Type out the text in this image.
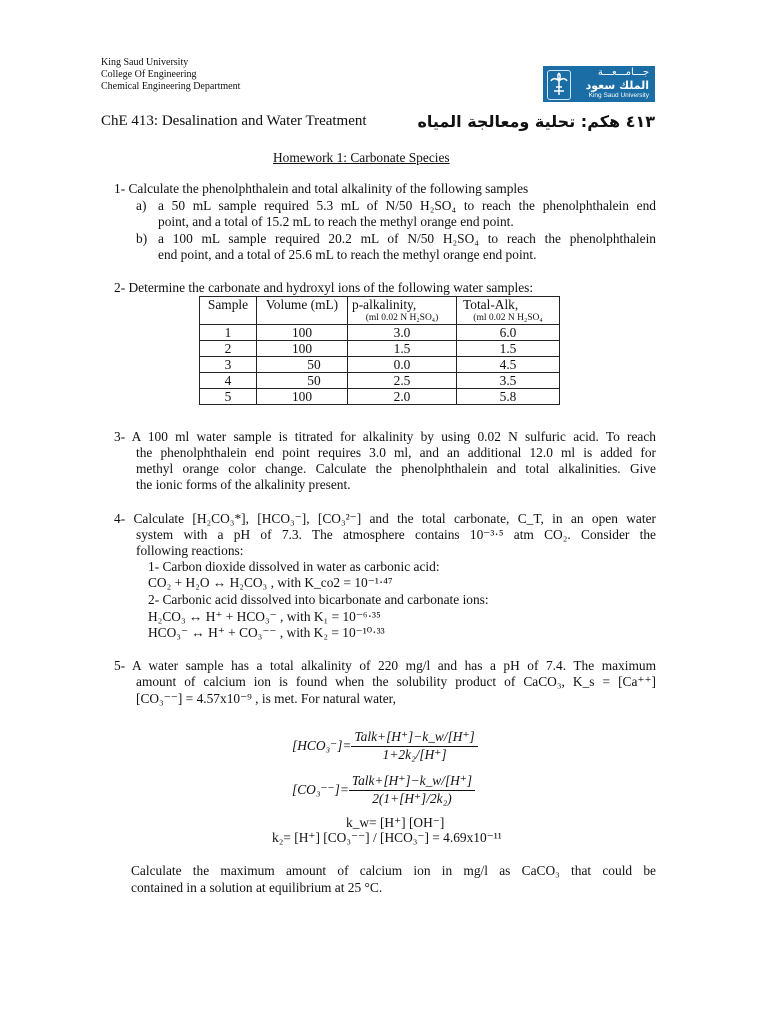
King Saud University
College Of Engineering
Chemical Engineering Department
جـــامـــعـــة
الملك سعود
King Saud University
ChE 413: Desalination and Water Treatment	٤١٣ هكم: تحلية ومعالجة المياه
Homework 1: Carbonate Species
1- Calculate the phenolphthalein and total alkalinity of the following samples
a) a 50 mL sample required 5.3 mL of N/50 H₂SO₄ to reach the phenolphthalein end
point, and a total of 15.2 mL to reach the methyl orange end point.
b) a 100 mL sample required 20.2 mL of N/50 H₂SO₄ to reach the phenolphthalein
end point, and a total of 25.6 mL to reach the methyl orange end point.
2- Determine the carbonate and hydroxyl ions of the following water samples:
Sample	Volume (mL)	p-alkalinity,	Total-Alk,
		(ml 0.02 N H₂SO₄)	(ml 0.02 N H₂SO₄
1	100	3.0	6.0
2	100	1.5	1.5
3	50	0.0	4.5
4	50	2.5	3.5
5	100	2.0	5.8
3- A 100 ml water sample is titrated for alkalinity by using 0.02 N sulfuric acid. To reach
the phenolphthalein end point requires 3.0 ml, and an additional 12.0 ml is added for
methyl orange color change. Calculate the phenolphthalein and total alkalinities. Give
the ionic forms of the alkalinity present.
4- Calculate [H₂CO₃*], [HCO₃⁻], [CO₃²⁻] and the total carbonate, C_T, in an open water
system with a pH of 7.3. The atmosphere contains 10⁻³·⁵ atm CO₂. Consider the
following reactions:
1- Carbon dioxide dissolved in water as carbonic acid:
CO₂ + H₂O ↔ H₂CO₃ , with K_co2 = 10⁻¹·⁴⁷
2- Carbonic acid dissolved into bicarbonate and carbonate ions:
H₂CO₃ ↔ H⁺ + HCO₃⁻ , with K₁ = 10⁻⁶·³⁵
HCO₃⁻ ↔ H⁺ + CO₃⁻⁻ , with K₂ = 10⁻¹⁰·³³
5- A water sample has a total alkalinity of 220 mg/l and has a pH of 7.4. The maximum
amount of calcium ion is found when the solubility product of CaCO₃, K_s = [Ca⁺⁺]
[CO₃⁻⁻] = 4.57x10⁻⁹ , is met. For natural water,
$[HCO_3^-]= \frac{\text{Talk+[H⁺]−k\_w/[H⁺]}}{\text{1+2k₂/[H⁺]}}$
$[CO_3^{--}]= \frac{\text{Talk+[H⁺]−k\_w/[H⁺]}}{\text{2(1+[H⁺]/2k₂)}}$
k_w= [H⁺] [OH⁻]
k₂= [H⁺] [CO₃⁻⁻] / [HCO₃⁻] = 4.69x10⁻¹¹
Calculate the maximum amount of calcium ion in mg/l as CaCO₃ that could be
contained in a solution at equilibrium at 25 °C.
